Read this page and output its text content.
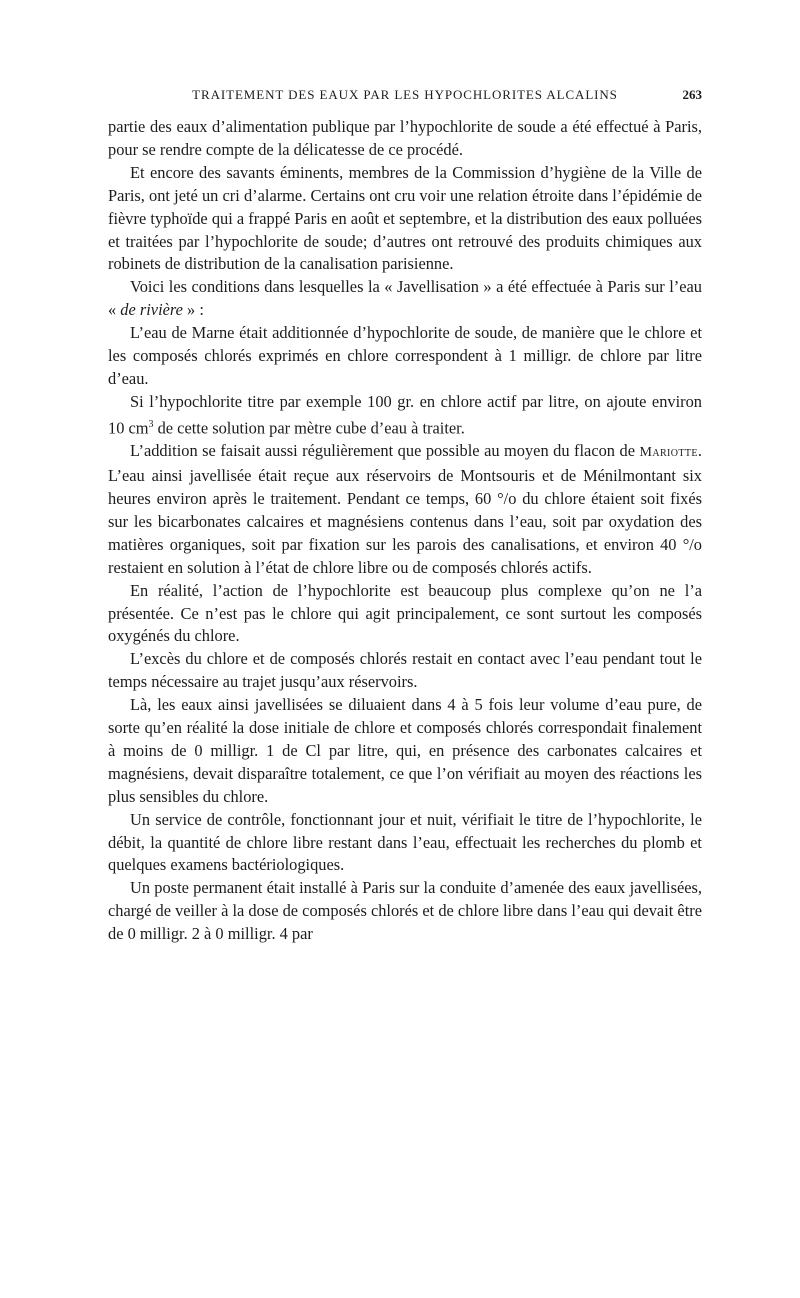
TRAITEMENT DES EAUX PAR LES HYPOCHLORITES ALCALINS	263

partie des eaux d’alimentation publique par l’hypochlorite de soude a été effectué à Paris, pour se rendre compte de la délicatesse de ce procédé.

Et encore des savants éminents, membres de la Commission d’hygiène de la Ville de Paris, ont jeté un cri d’alarme. Certains ont cru voir une relation étroite dans l’épidémie de fièvre typhoïde qui a frappé Paris en août et septembre, et la distribution des eaux polluées et traitées par l’hypochlorite de soude; d’autres ont retrouvé des produits chimiques aux robinets de distribution de la canalisation parisienne.

Voici les conditions dans lesquelles la « Javellisation » a été effectuée à Paris sur l’eau « de rivière » :

L’eau de Marne était additionnée d’hypochlorite de soude, de manière que le chlore et les composés chlorés exprimés en chlore correspondent à 1 milligr. de chlore par litre d’eau.

Si l’hypochlorite titre par exemple 100 gr. en chlore actif par litre, on ajoute environ 10 $cm^3$ de cette solution par mètre cube d’eau à traiter.

L’addition se faisait aussi régulièrement que possible au moyen du flacon de Mariotte. L’eau ainsi javellisée était reçue aux réservoirs de Montsouris et de Ménilmontant six heures environ après le traitement. Pendant ce temps, 60 °/o du chlore étaient soit fixés sur les bicarbonates calcaires et magnésiens contenus dans l’eau, soit par oxydation des matières organiques, soit par fixation sur les parois des canalisations, et environ 40 °/o restaient en solution à l’état de chlore libre ou de composés chlorés actifs.

En réalité, l’action de l’hypochlorite est beaucoup plus complexe qu’on ne l’a présentée. Ce n’est pas le chlore qui agit principalement, ce sont surtout les composés oxygénés du chlore.

L’excès du chlore et de composés chlorés restait en contact avec l’eau pendant tout le temps nécessaire au trajet jusqu’aux réservoirs.

Là, les eaux ainsi javellisées se diluaient dans 4 à 5 fois leur volume d’eau pure, de sorte qu’en réalité la dose initiale de chlore et composés chlorés correspondait finalement à moins de 0 milligr. 1 de Cl par litre, qui, en présence des carbonates calcaires et magnésiens, devait disparaître totalement, ce que l’on vérifiait au moyen des réactions les plus sensibles du chlore.

Un service de contrôle, fonctionnant jour et nuit, vérifiait le titre de l’hypochlorite, le débit, la quantité de chlore libre restant dans l’eau, effectuait les recherches du plomb et quelques examens bactériologiques.

Un poste permanent était installé à Paris sur la conduite d’amenée des eaux javellisées, chargé de veiller à la dose de composés chlorés et de chlore libre dans l’eau qui devait être de 0 milligr. 2 à 0 milligr. 4 par
